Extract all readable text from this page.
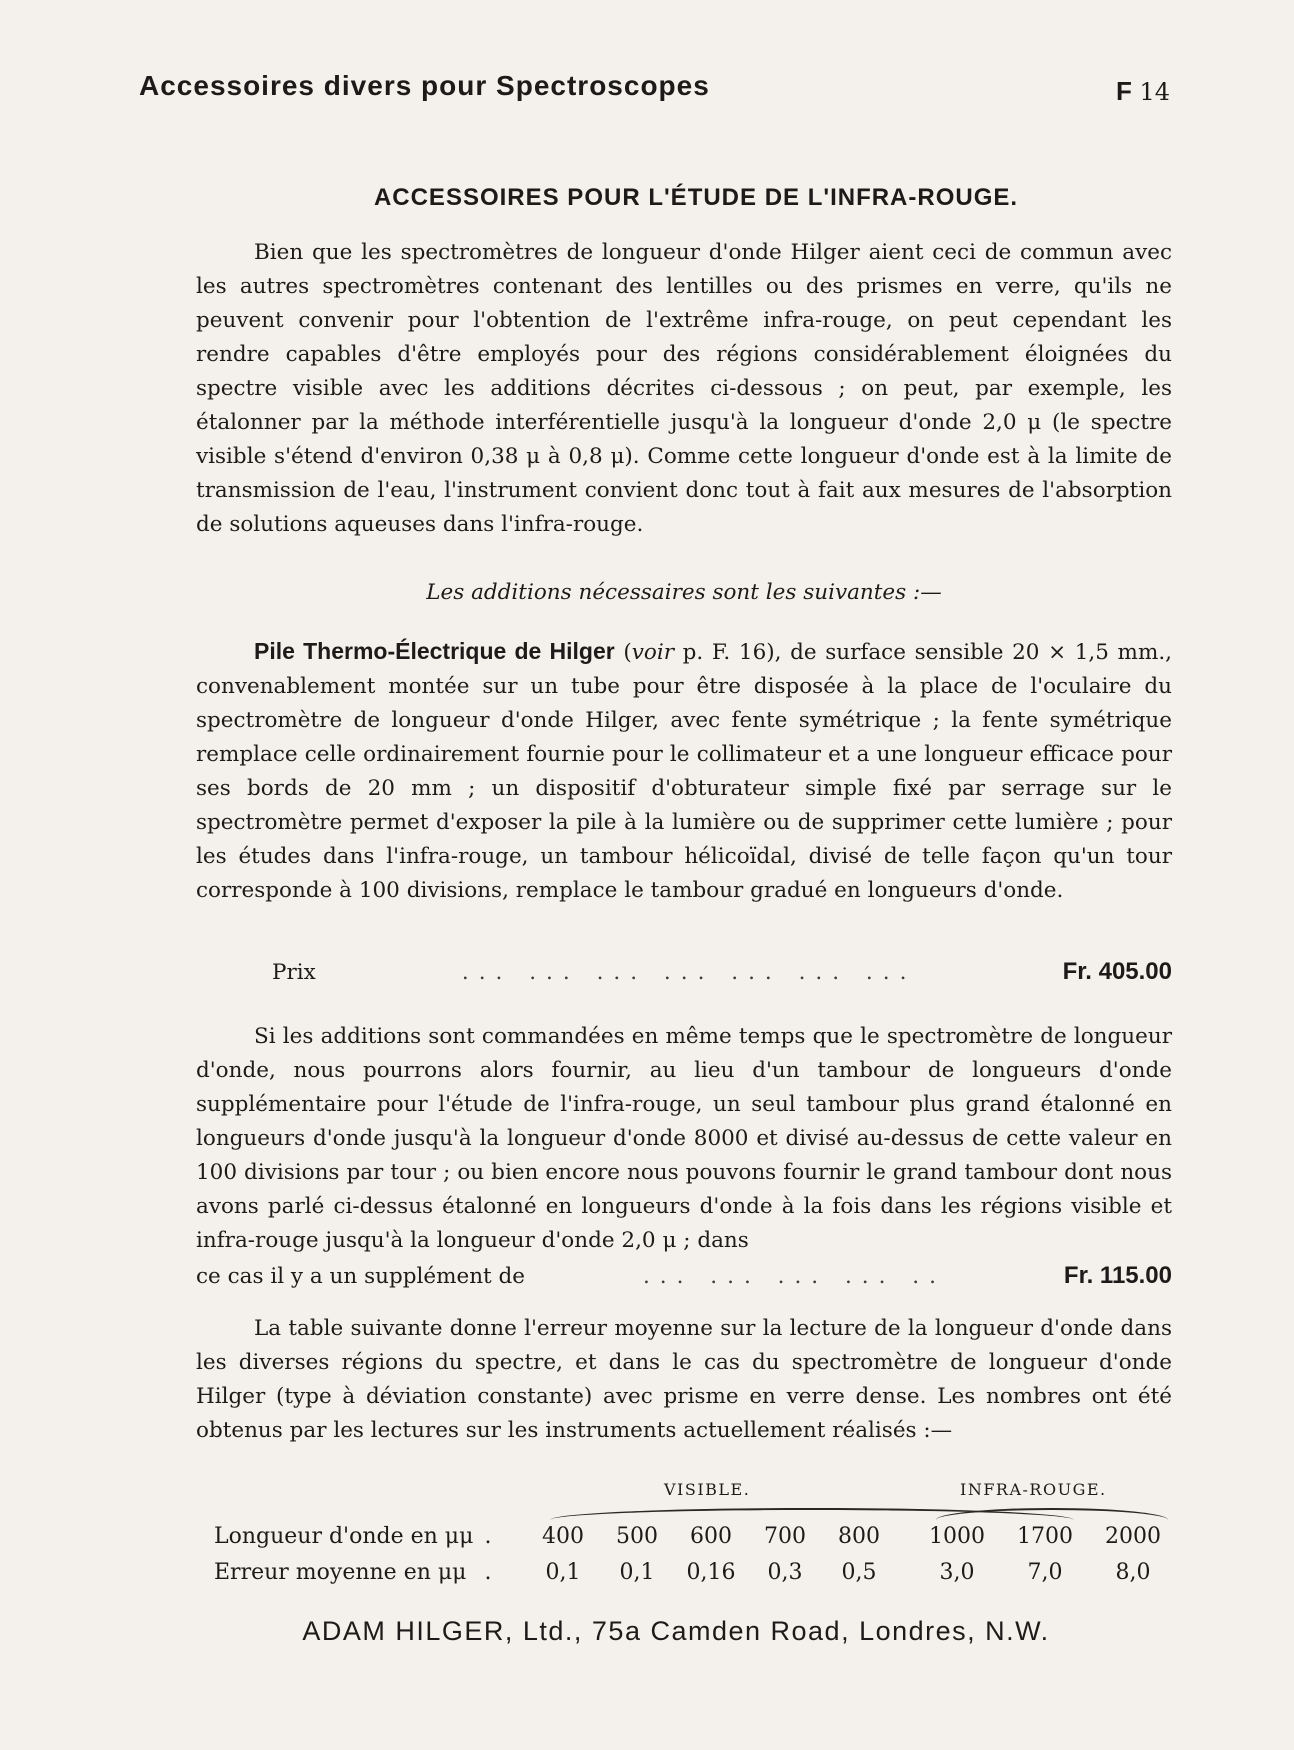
Accessoires divers pour Spectroscopes	F 14
ACCESSOIRES POUR L'ÉTUDE DE L'INFRA-ROUGE.

Bien que les spectromètres de longueur d'onde Hilger aient ceci de commun avec les autres spectromètres contenant des lentilles ou des prismes en verre, qu'ils ne peuvent convenir pour l'obtention de l'extrême infra-rouge, on peut cependant les rendre capables d'être employés pour des régions considérablement éloignées du spectre visible avec les additions décrites ci-dessous ; on peut, par exemple, les étalonner par la méthode interférentielle jusqu'à la longueur d'onde 2,0 μ (le spectre visible s'étend d'environ 0,38 μ à 0,8 μ). Comme cette longueur d'onde est à la limite de transmission de l'eau, l'instrument convient donc tout à fait aux mesures de l'absorption de solutions aqueuses dans l'infra-rouge.

Les additions nécessaires sont les suivantes :—

Pile Thermo-Électrique de Hilger (voir p. F. 16), de surface sensible 20 × 1,5 mm., convenablement montée sur un tube pour être disposée à la place de l'oculaire du spectromètre de longueur d'onde Hilger, avec fente symétrique ; la fente symétrique remplace celle ordinairement fournie pour le collimateur et a une longueur efficace pour ses bords de 20 mm ; un dispositif d'obturateur simple fixé par serrage sur le spectromètre permet d'exposer la pile à la lumière ou de supprimer cette lumière ; pour les études dans l'infra-rouge, un tambour hélicoïdal, divisé de telle façon qu'un tour corresponde à 100 divisions, remplace le tambour gradué en longueurs d'onde.

Prix	... ... ... ... ... ... ...	Fr. 405.00

Si les additions sont commandées en même temps que le spectromètre de longueur d'onde, nous pourrons alors fournir, au lieu d'un tambour de longueurs d'onde supplémentaire pour l'étude de l'infra-rouge, un seul tambour plus grand étalonné en longueurs d'onde jusqu'à la longueur d'onde 8000 et divisé au-dessus de cette valeur en 100 divisions par tour ; ou bien encore nous pouvons fournir le grand tambour dont nous avons parlé ci-dessus étalonné en longueurs d'onde à la fois dans les régions visible et infra-rouge jusqu'à la longueur d'onde 2,0 μ ; dans

ce cas il y a un supplément de	... ... ... ... ..	Fr. 115.00

La table suivante donne l'erreur moyenne sur la lecture de la longueur d'onde dans les diverses régions du spectre, et dans le cas du spectromètre de longueur d'onde Hilger (type à déviation constante) avec prisme en verre dense. Les nombres ont été obtenus par les lectures sur les instruments actuellement réalisés :—

VISIBLE.	INFRA-ROUGE.
Longueur d'onde en μμ .	400	500	600	700	800	1000	1700	2000
Erreur moyenne en μμ .	0,1	0,1	0,16	0,3	0,5	3,0	7,0	8,0
ADAM HILGER, Ltd., 75a Camden Road, Londres, N.W.
